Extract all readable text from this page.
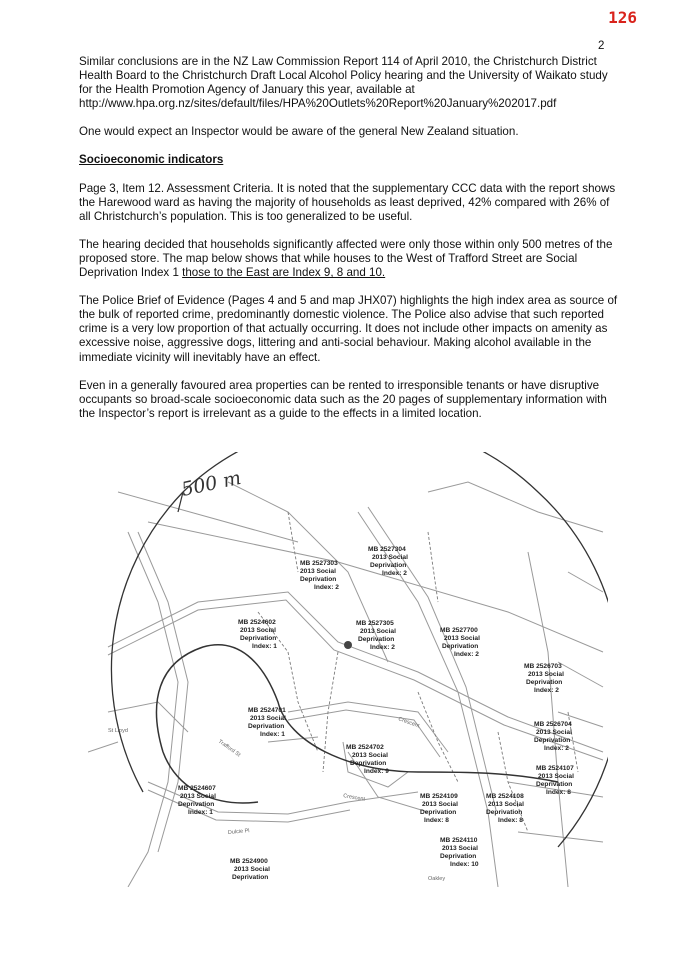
126
2

Similar conclusions are in the NZ Law Commission Report 114 of April 2010, the Christchurch District Health Board to the Christchurch Draft Local Alcohol Policy hearing and the University of Waikato study for the Health Promotion Agency of January this year, available at http://www.hpa.org.nz/sites/default/files/HPA%20Outlets%20Report%20January%202017.pdf

One would expect an Inspector would be aware of the general New Zealand situation.

Socioeconomic indicators

Page 3, Item 12. Assessment Criteria. It is noted that the supplementary CCC data with the report shows the Harewood ward as having the majority of households as least deprived, 42% compared with 26% of all Christchurch’s population. This is too generalized to be useful.

The hearing decided that households significantly affected were only those within only 500 metres of the proposed store. The map below shows that while houses to the West of Trafford Street are Social Deprivation Index 1 those to the East are Index 9, 8 and 10.

The Police Brief of Evidence (Pages 4 and 5 and map JHX07) highlights the high index area as source of the bulk of reported crime, predominantly domestic violence. The Police also advise that such reported crime is a very low proportion of that actually occurring. It does not include other impacts on amenity as excessive noise, aggressive dogs, littering and anti-social behaviour. Making alcohol available in the immediate vicinity will inevitably have an effect.

Even in a generally favoured area properties can be rented to irresponsible tenants or have disruptive occupants so broad-scale socioeconomic data such as the 20 pages of supplementary information with the Inspector’s report is irrelevant as a guide to the effects in a limited location.

500 m
Trafford St
Crescent
Crescent
Dulcie Pl
St Lloyd
Oakley
MB 2527303
2013 Social
Deprivation
Index: 2
MB 2527304
2013 Social
Deprivation
Index: 2
MB 2524602
2013 Social
Deprivation
Index: 1
MB 2527305
2013 Social
Deprivation
Index: 2
MB 2527700
2013 Social
Deprivation
Index: 2
MB 2526703
2013 Social
Deprivation
Index: 2
MB 2524701
2013 Social
Deprivation
Index: 1
MB 2526704
2013 Social
Deprivation
Index: 2
MB 2524702
2013 Social
Deprivation
Index: 9	MB 2524107
2013 Social
Deprivation
Index: 8
MB 2524607
2013 Social
Deprivation
Index: 1
MB 2524109
2013 Social
Deprivation
Index: 8
MB 2524108
2013 Social
Deprivation
Index: 8
MB 2524110
2013 Social
Deprivation
Index: 10
MB 2524900
2013 Social
Deprivation
